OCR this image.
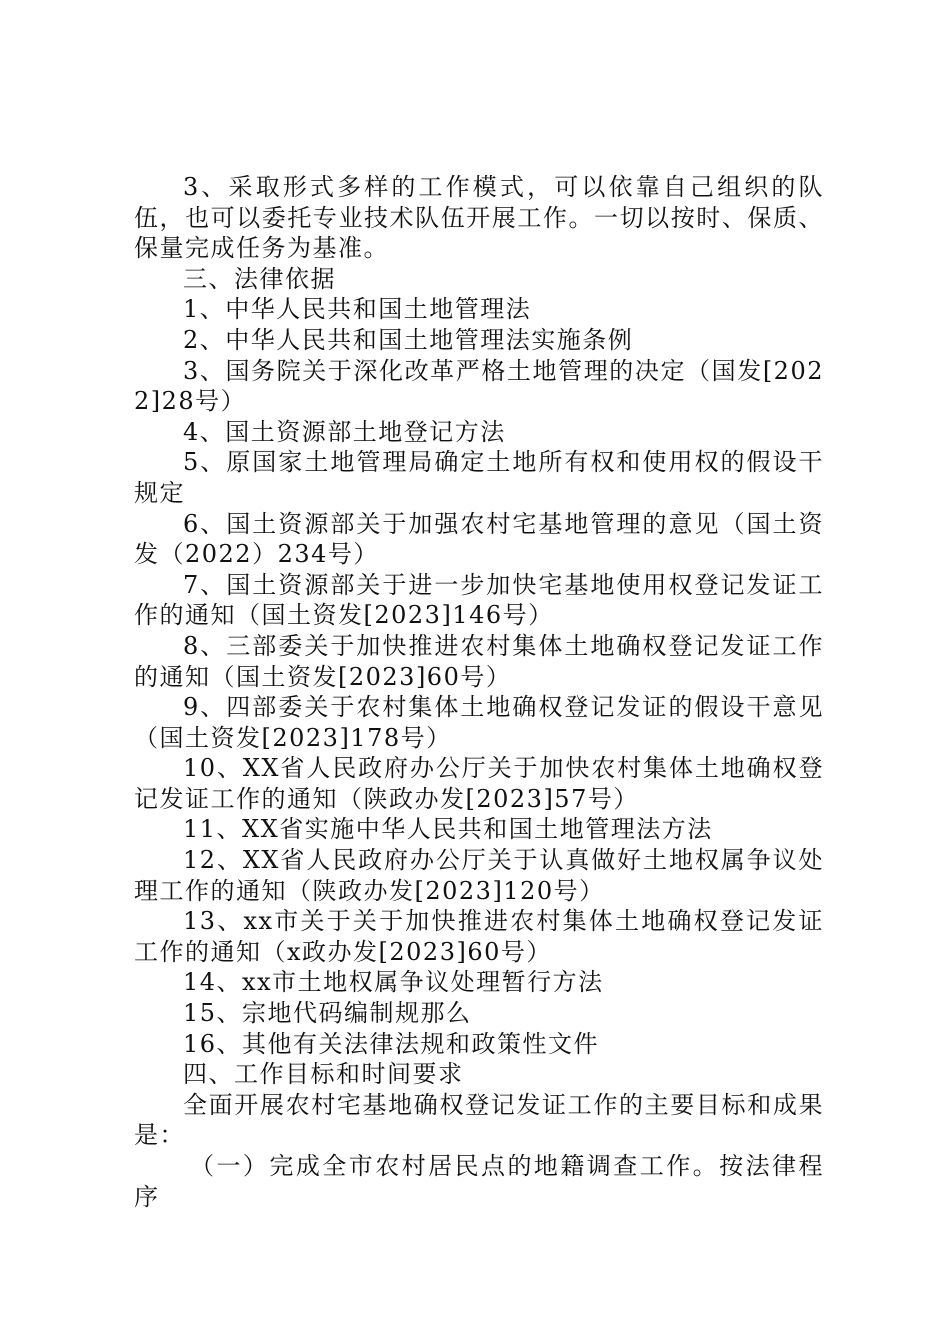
3、采取形式多样的工作模式，可以依靠自己组织的队伍，也可以委托专业技术队伍开展工作。一切以按时、保质、保量完成任务为基准。

三、法律依据

1、中华人民共和国土地管理法

2、中华人民共和国土地管理法实施条例

3、国务院关于深化改革严格土地管理的决定（国发[2022]28号）

4、国土资源部土地登记方法

5、原国家土地管理局确定土地所有权和使用权的假设干规定

6、国土资源部关于加强农村宅基地管理的意见（国土资发（2022）234号）

7、国土资源部关于进一步加快宅基地使用权登记发证工作的通知（国土资发[2023]146号）

8、三部委关于加快推进农村集体土地确权登记发证工作的通知（国土资发[2023]60号）

9、四部委关于农村集体土地确权登记发证的假设干意见（国土资发[2023]178号）

10、XX省人民政府办公厅关于加快农村集体土地确权登记发证工作的通知（陕政办发[2023]57号）

11、XX省实施中华人民共和国土地管理法方法

12、XX省人民政府办公厅关于认真做好土地权属争议处理工作的通知（陕政办发[2023]120号）

13、xx市关于关于加快推进农村集体土地确权登记发证工作的通知（x政办发[2023]60号）

14、xx市土地权属争议处理暂行方法

15、宗地代码编制规那么

16、其他有关法律法规和政策性文件

四、工作目标和时间要求

全面开展农村宅基地确权登记发证工作的主要目标和成果是：

（一）完成全市农村居民点的地籍调查工作。按法律程序
